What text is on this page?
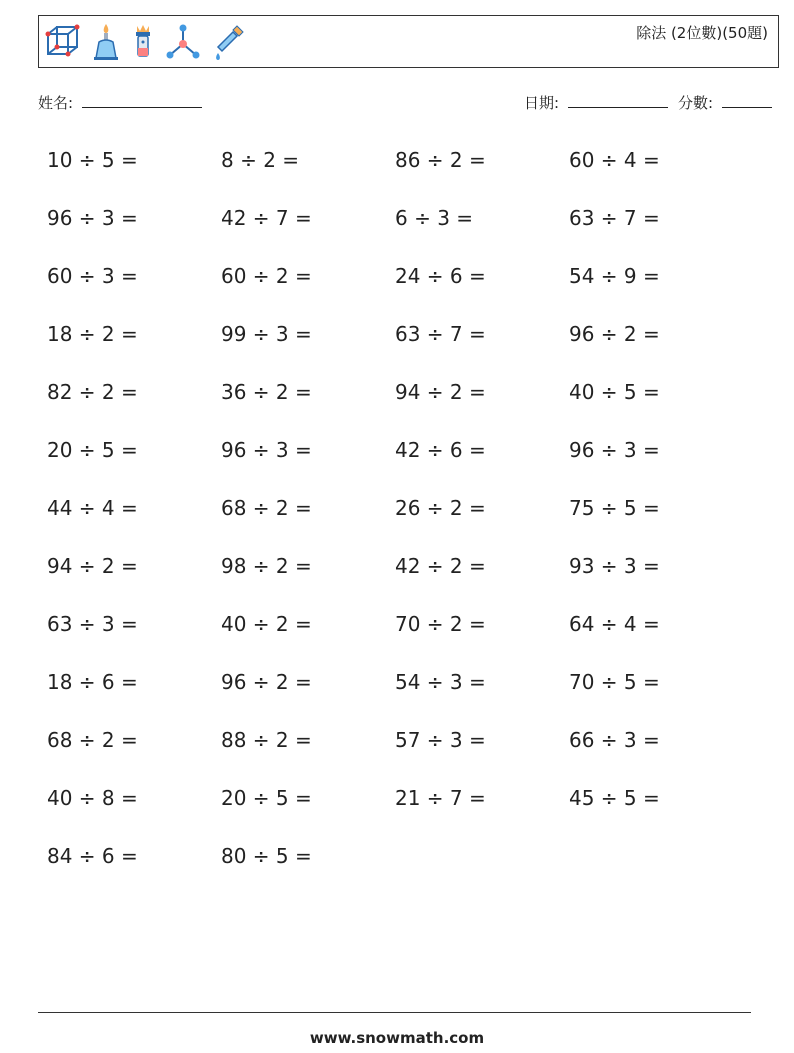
除法 (2位數)(50題)
姓名:	日期:	分數:
10 ÷ 5 =	8 ÷ 2 =	86 ÷ 2 =	60 ÷ 4 =
96 ÷ 3 =	42 ÷ 7 =	6 ÷ 3 =	63 ÷ 7 =
60 ÷ 3 =	60 ÷ 2 =	24 ÷ 6 =	54 ÷ 9 =
18 ÷ 2 =	99 ÷ 3 =	63 ÷ 7 =	96 ÷ 2 =
82 ÷ 2 =	36 ÷ 2 =	94 ÷ 2 =	40 ÷ 5 =
20 ÷ 5 =	96 ÷ 3 =	42 ÷ 6 =	96 ÷ 3 =
44 ÷ 4 =	68 ÷ 2 =	26 ÷ 2 =	75 ÷ 5 =
94 ÷ 2 =	98 ÷ 2 =	42 ÷ 2 =	93 ÷ 3 =
63 ÷ 3 =	40 ÷ 2 =	70 ÷ 2 =	64 ÷ 4 =
18 ÷ 6 =	96 ÷ 2 =	54 ÷ 3 =	70 ÷ 5 =
68 ÷ 2 =	88 ÷ 2 =	57 ÷ 3 =	66 ÷ 3 =
40 ÷ 8 =	20 ÷ 5 =	21 ÷ 7 =	45 ÷ 5 =
84 ÷ 6 =	80 ÷ 5 =
www.snowmath.com
